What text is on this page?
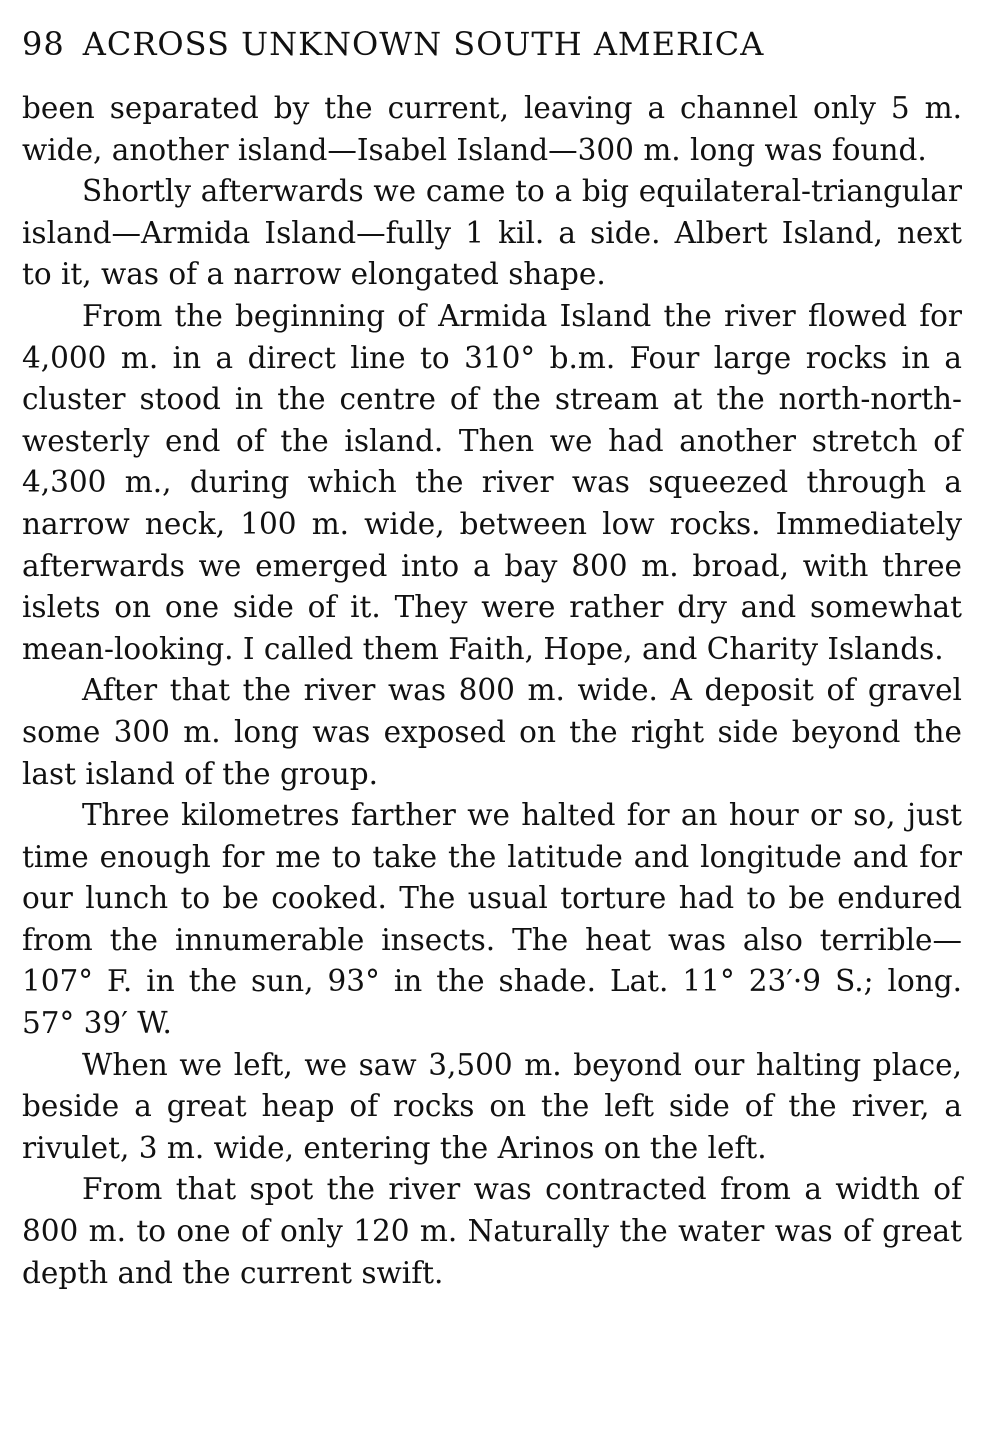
98 ACROSS UNKNOWN SOUTH AMERICA

been separated by the current, leaving a channel only 5 m. wide, another island—Isabel Island—300 m. long was found.

Shortly afterwards we came to a big equilateral-triangular island—Armida Island—fully 1 kil. a side. Albert Island, next to it, was of a narrow elongated shape.

From the beginning of Armida Island the river flowed for 4,000 m. in a direct line to 310° b.m. Four large rocks in a cluster stood in the centre of the stream at the north-north-westerly end of the island. Then we had another stretch of 4,300 m., during which the river was squeezed through a narrow neck, 100 m. wide, between low rocks. Immediately afterwards we emerged into a bay 800 m. broad, with three islets on one side of it. They were rather dry and somewhat mean-looking. I called them Faith, Hope, and Charity Islands.

After that the river was 800 m. wide. A deposit of gravel some 300 m. long was exposed on the right side beyond the last island of the group.

Three kilometres farther we halted for an hour or so, just time enough for me to take the latitude and longitude and for our lunch to be cooked. The usual torture had to be endured from the innumerable insects. The heat was also terrible—107° F. in the sun, 93° in the shade. Lat. 11° 23′·9 S.; long. 57° 39′ W.

When we left, we saw 3,500 m. beyond our halting place, beside a great heap of rocks on the left side of the river, a rivulet, 3 m. wide, entering the Arinos on the left.

From that spot the river was contracted from a width of 800 m. to one of only 120 m. Naturally the water was of great depth and the current swift.
